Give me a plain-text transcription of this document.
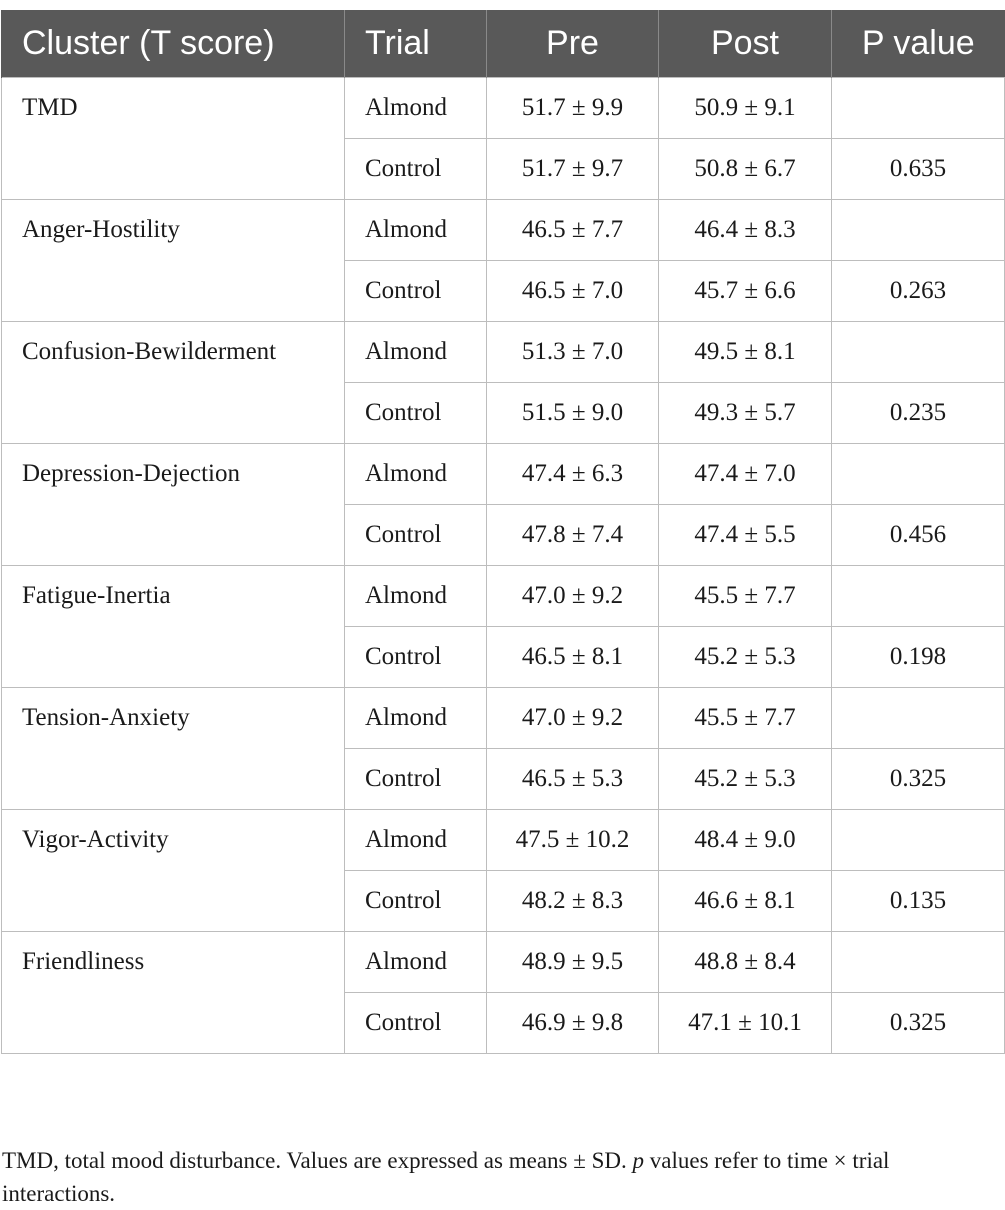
Cluster (T score)	Trial	Pre	Post	P value
TMD	Almond	51.7 ± 9.9	50.9 ± 9.1	
	Control	51.7 ± 9.7	50.8 ± 6.7	0.635
Anger-Hostility	Almond	46.5 ± 7.7	46.4 ± 8.3	
	Control	46.5 ± 7.0	45.7 ± 6.6	0.263
Confusion-Bewilderment	Almond	51.3 ± 7.0	49.5 ± 8.1	
	Control	51.5 ± 9.0	49.3 ± 5.7	0.235
Depression-Dejection	Almond	47.4 ± 6.3	47.4 ± 7.0	
	Control	47.8 ± 7.4	47.4 ± 5.5	0.456
Fatigue-Inertia	Almond	47.0 ± 9.2	45.5 ± 7.7	
	Control	46.5 ± 8.1	45.2 ± 5.3	0.198
Tension-Anxiety	Almond	47.0 ± 9.2	45.5 ± 7.7	
	Control	46.5 ± 5.3	45.2 ± 5.3	0.325
Vigor-Activity	Almond	47.5 ± 10.2	48.4 ± 9.0	
	Control	48.2 ± 8.3	46.6 ± 8.1	0.135
Friendliness	Almond	48.9 ± 9.5	48.8 ± 8.4	
	Control	46.9 ± 9.8	47.1 ± 10.1	0.325

TMD, total mood disturbance. Values are expressed as means ± SD. p values refer to time × trial interactions.
